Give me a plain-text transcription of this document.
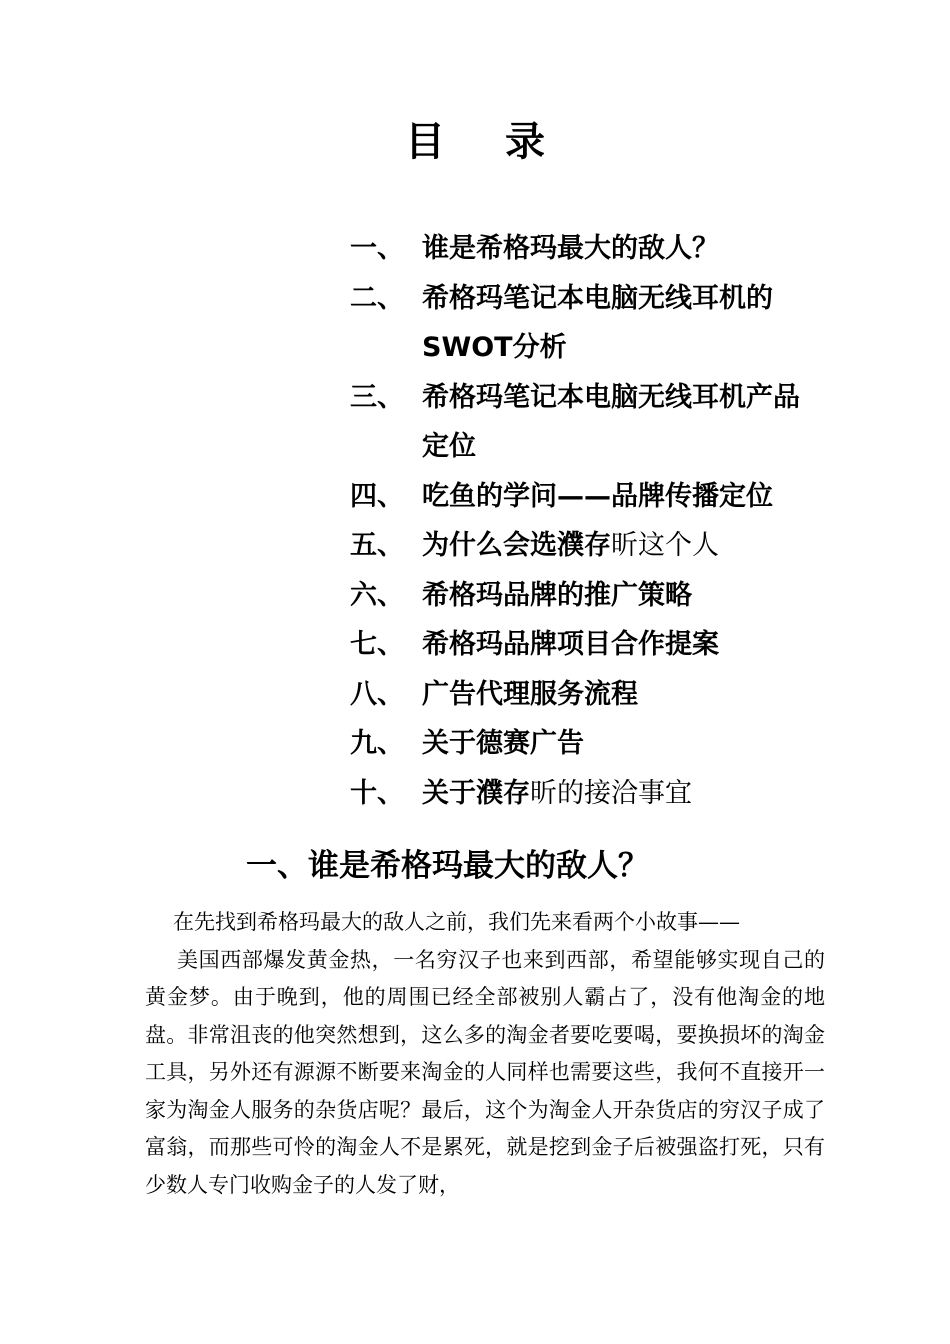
目 录
一、 谁是希格玛最大的敌人？
二、 希格玛笔记本电脑无线耳机的SWOT分析
三、 希格玛笔记本电脑无线耳机产品定位
四、 吃鱼的学问——品牌传播定位
五、 为什么会选濮存昕这个人
六、 希格玛品牌的推广策略
七、 希格玛品牌项目合作提案
八、 广告代理服务流程
九、 关于德赛广告
十、 关于濮存昕的接洽事宜
一、谁是希格玛最大的敌人？

在先找到希格玛最大的敌人之前，我们先来看两个小故事——

美国西部爆发黄金热，一名穷汉子也来到西部，希望能够实现自己的黄金梦。由于晚到，他的周围已经全部被别人霸占了，没有他淘金的地盘。非常沮丧的他突然想到，这么多的淘金者要吃要喝，要换损坏的淘金工具，另外还有源源不断要来淘金的人同样也需要这些，我何不直接开一家为淘金人服务的杂货店呢？最后，这个为淘金人开杂货店的穷汉子成了富翁，而那些可怜的淘金人不是累死，就是挖到金子后被强盗打死，只有少数人专门收购金子的人发了财，
